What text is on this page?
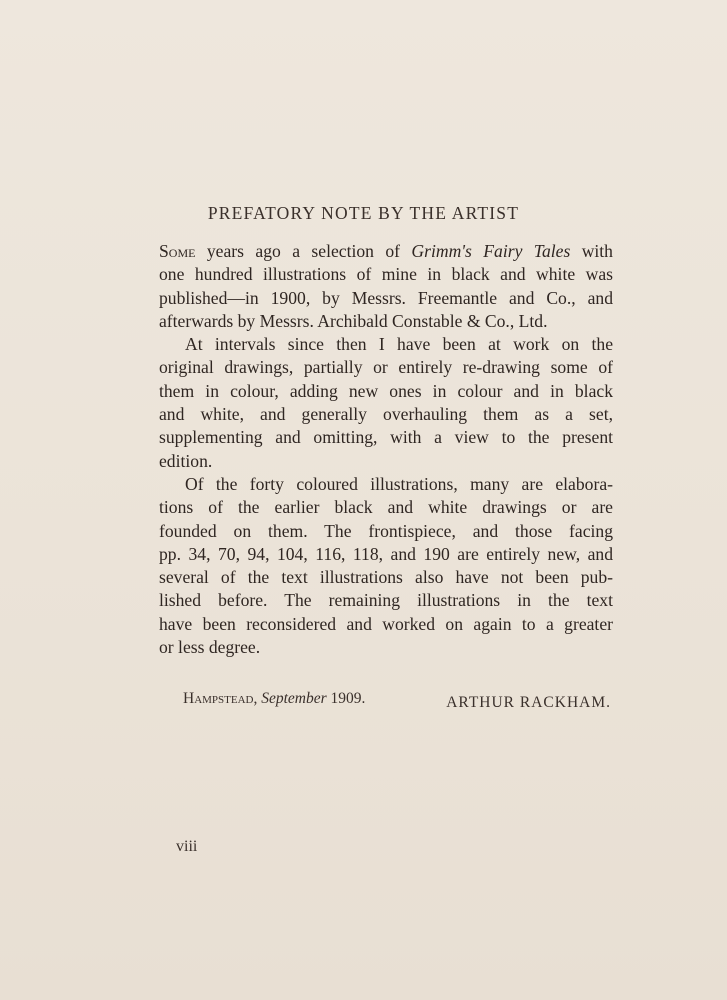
PREFATORY NOTE BY THE ARTIST
Some years ago a selection of Grimm's Fairy Tales with
one hundred illustrations of mine in black and white was
published—in 1900, by Messrs. Freemantle and Co., and
afterwards by Messrs. Archibald Constable & Co., Ltd.
At intervals since then I have been at work on the
original drawings, partially or entirely re-drawing some of
them in colour, adding new ones in colour and in black
and white, and generally overhauling them as a set,
supplementing and omitting, with a view to the present
edition.
Of the forty coloured illustrations, many are elabora-
tions of the earlier black and white drawings or are
founded on them. The frontispiece, and those facing
pp. 34, 70, 94, 104, 116, 118, and 190 are entirely new, and
several of the text illustrations also have not been pub-
lished before. The remaining illustrations in the text
have been reconsidered and worked on again to a greater
or less degree.
Hampstead, September 1909.	ARTHUR RACKHAM.
viii
